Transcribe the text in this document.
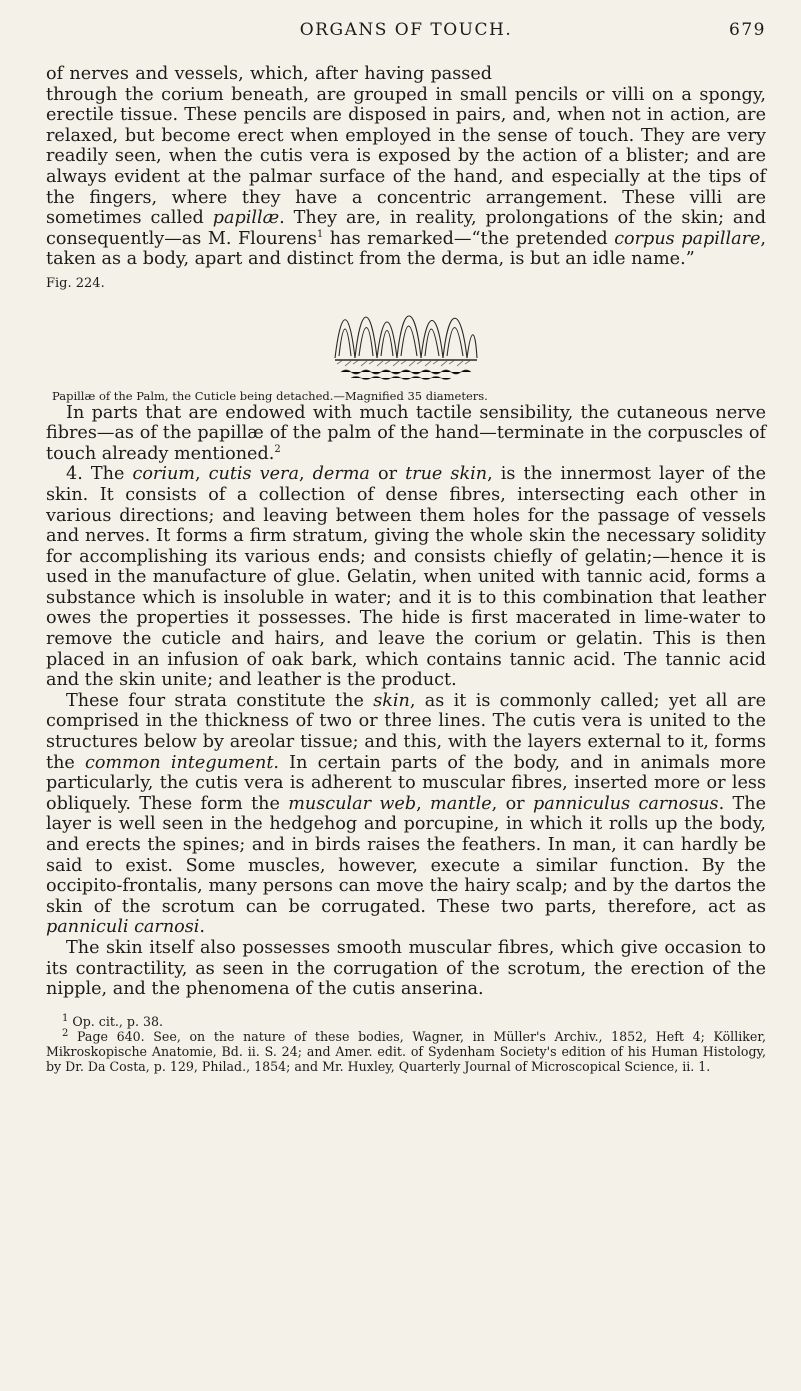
ORGANS OF TOUCH.	679

of nerves and vessels, which, after having passed through the corium beneath, are grouped in small pencils or villi on a spongy, erectile tissue. These pencils are disposed in pairs, and, when not in action, are relaxed, but become erect when employed in the sense of touch. They are very readily seen, when the cutis vera is exposed by the action of a blister; and are always evident at the palmar surface of the hand, and especially at the tips of the fingers, where they have a concentric arrangement. These villi are sometimes called papillæ. They are, in reality, prolongations of the skin; and consequently—as M. Flourens$^1$ has remarked—“the pretended corpus papillare, taken as a body, apart and distinct from the derma, is but an idle name.”

Fig. 224.
Papillæ of the Palm, the Cuticle being detached.—Magnified 35 diameters.

In parts that are endowed with much tactile sensibility, the cutaneous nerve fibres—as of the papillæ of the palm of the hand—terminate in the corpuscles of touch already mentioned.$^2$

4. The corium, cutis vera, derma or true skin, is the innermost layer of the skin. It consists of a collection of dense fibres, intersecting each other in various directions; and leaving between them holes for the passage of vessels and nerves. It forms a firm stratum, giving the whole skin the necessary solidity for accomplishing its various ends; and consists chiefly of gelatin;—hence it is used in the manufacture of glue. Gelatin, when united with tannic acid, forms a substance which is insoluble in water; and it is to this combination that leather owes the properties it possesses. The hide is first macerated in lime-water to remove the cuticle and hairs, and leave the corium or gelatin. This is then placed in an infusion of oak bark, which contains tannic acid. The tannic acid and the skin unite; and leather is the product.

These four strata constitute the skin, as it is commonly called; yet all are comprised in the thickness of two or three lines. The cutis vera is united to the structures below by areolar tissue; and this, with the layers external to it, forms the common integument. In certain parts of the body, and in animals more particularly, the cutis vera is adherent to muscular fibres, inserted more or less obliquely. These form the muscular web, mantle, or panniculus carnosus. The layer is well seen in the hedgehog and porcupine, in which it rolls up the body, and erects the spines; and in birds raises the feathers. In man, it can hardly be said to exist. Some muscles, however, execute a similar function. By the occipito-frontalis, many persons can move the hairy scalp; and by the dartos the skin of the scrotum can be corrugated. These two parts, therefore, act as panniculi carnosi.

The skin itself also possesses smooth muscular fibres, which give occasion to its contractility, as seen in the corrugation of the scrotum, the erection of the nipple, and the phenomena of the cutis anserina.

$^1$ Op. cit., p. 38.

$^2$ Page 640. See, on the nature of these bodies, Wagner, in Müller's Archiv., 1852, Heft 4; Kölliker, Mikroskopische Anatomie, Bd. ii. S. 24; and Amer. edit. of Sydenham Society's edition of his Human Histology, by Dr. Da Costa, p. 129, Philad., 1854; and Mr. Huxley, Quarterly Journal of Microscopical Science, ii. 1.
